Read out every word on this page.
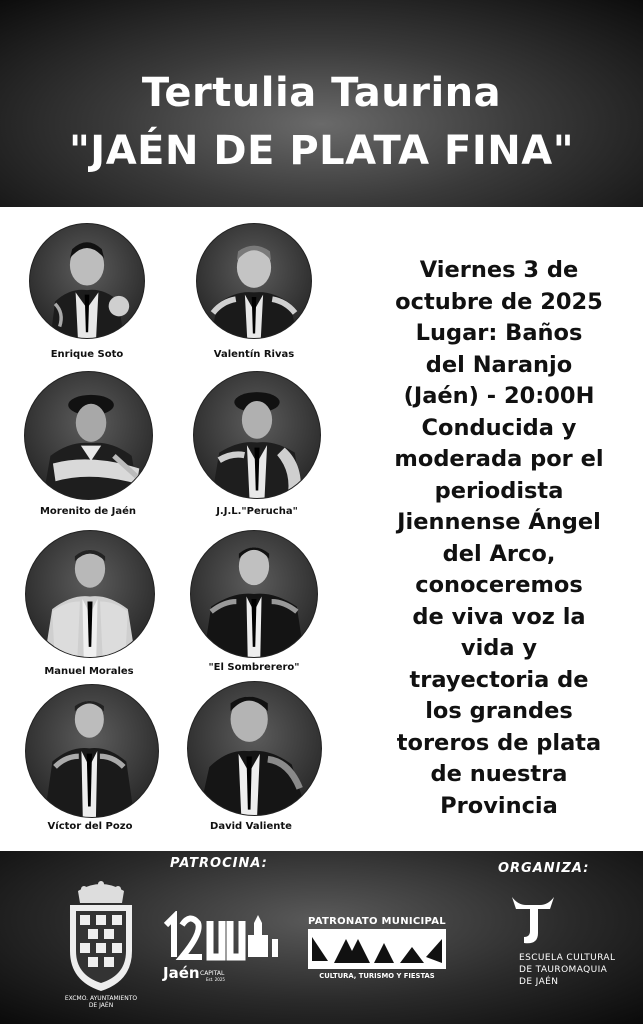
Tertulia Taurina
"JAÉN DE PLATA FINA"
Enrique Soto	Valentín Rivas
Morenito de Jaén	J.J.L."Perucha"
Manuel Morales	"El Sombrerero"
Víctor del Pozo	David Valiente
Viernes 3 de
octubre de 2025
Lugar: Baños
del Naranjo
(Jaén) - 20:00H
Conducida y
moderada por el
periodista
Jiennense Ángel
del Arco,
conoceremos
de viva voz la
vida y
trayectoria de
los grandes
toreros de plata
de nuestra
Provincia
PATROCINA:	ORGANIZA:
EXCMO. AYUNTAMIENTO
DE JAÉN
Jaén CAPITAL
Est. 2025
PATRONATO MUNICIPAL
CULTURA, TURISMO Y FIESTAS
ESCUELA CULTURAL
DE TAUROMAQUIA
DE JAÉN
